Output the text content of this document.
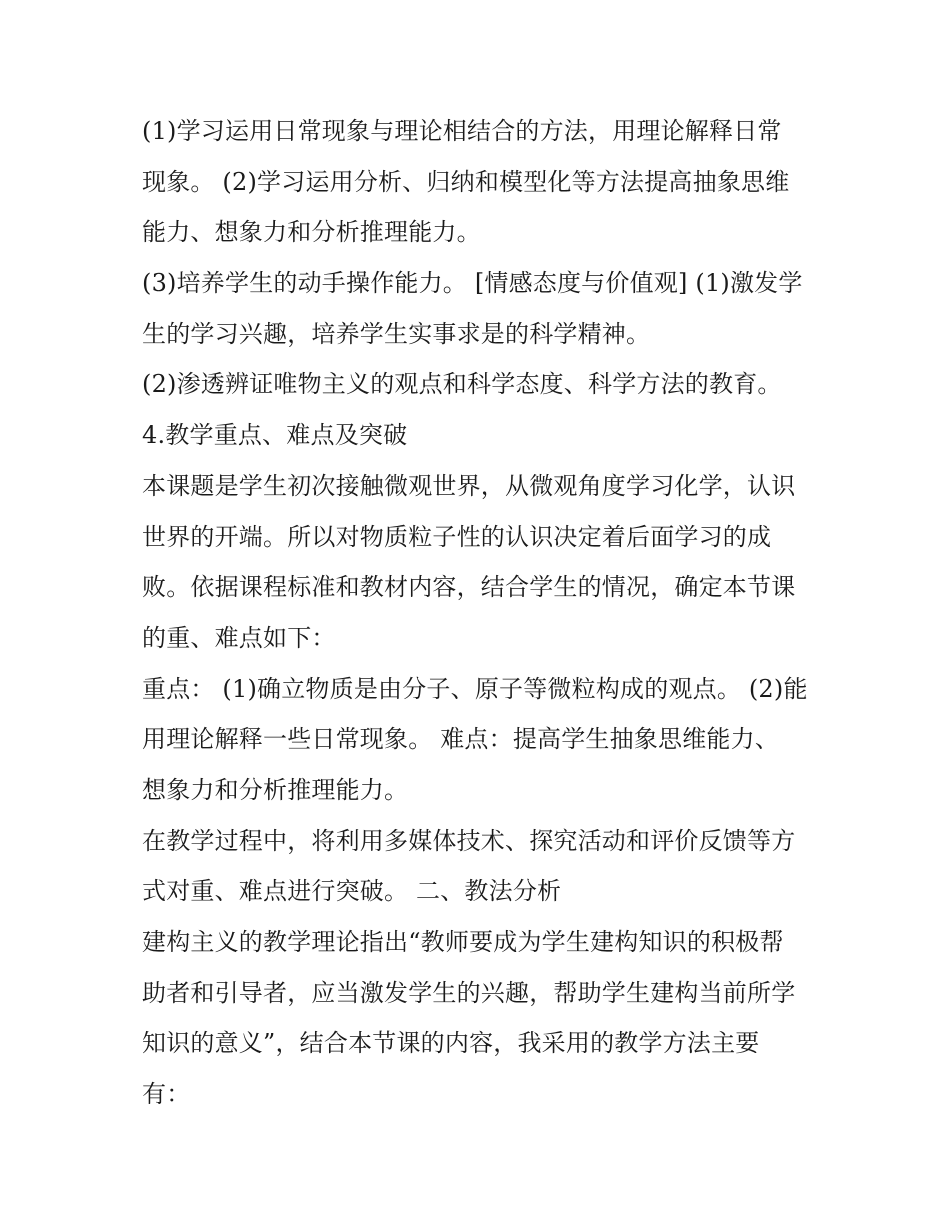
(1)学习运用日常现象与理论相结合的方法，用理论解释日常
现象。 (2)学习运用分析、归纳和模型化等方法提高抽象思维
能力、想象力和分析推理能力。
(3)培养学生的动手操作能力。 [情感态度与价值观] (1)激发学
生的学习兴趣，培养学生实事求是的科学精神。
(2)渗透辨证唯物主义的观点和科学态度、科学方法的教育。
4.教学重点、难点及突破
本课题是学生初次接触微观世界，从微观角度学习化学，认识
世界的开端。所以对物质粒子性的认识决定着后面学习的成
败。依据课程标准和教材内容，结合学生的情况，确定本节课
的重、难点如下：
重点： (1)确立物质是由分子、原子等微粒构成的观点。 (2)能
用理论解释一些日常现象。 难点：提高学生抽象思维能力、
想象力和分析推理能力。
在教学过程中，将利用多媒体技术、探究活动和评价反馈等方
式对重、难点进行突破。 二、教法分析
建构主义的教学理论指出“教师要成为学生建构知识的积极帮
助者和引导者，应当激发学生的兴趣，帮助学生建构当前所学
知识的意义”，结合本节课的内容，我采用的教学方法主要
有：
